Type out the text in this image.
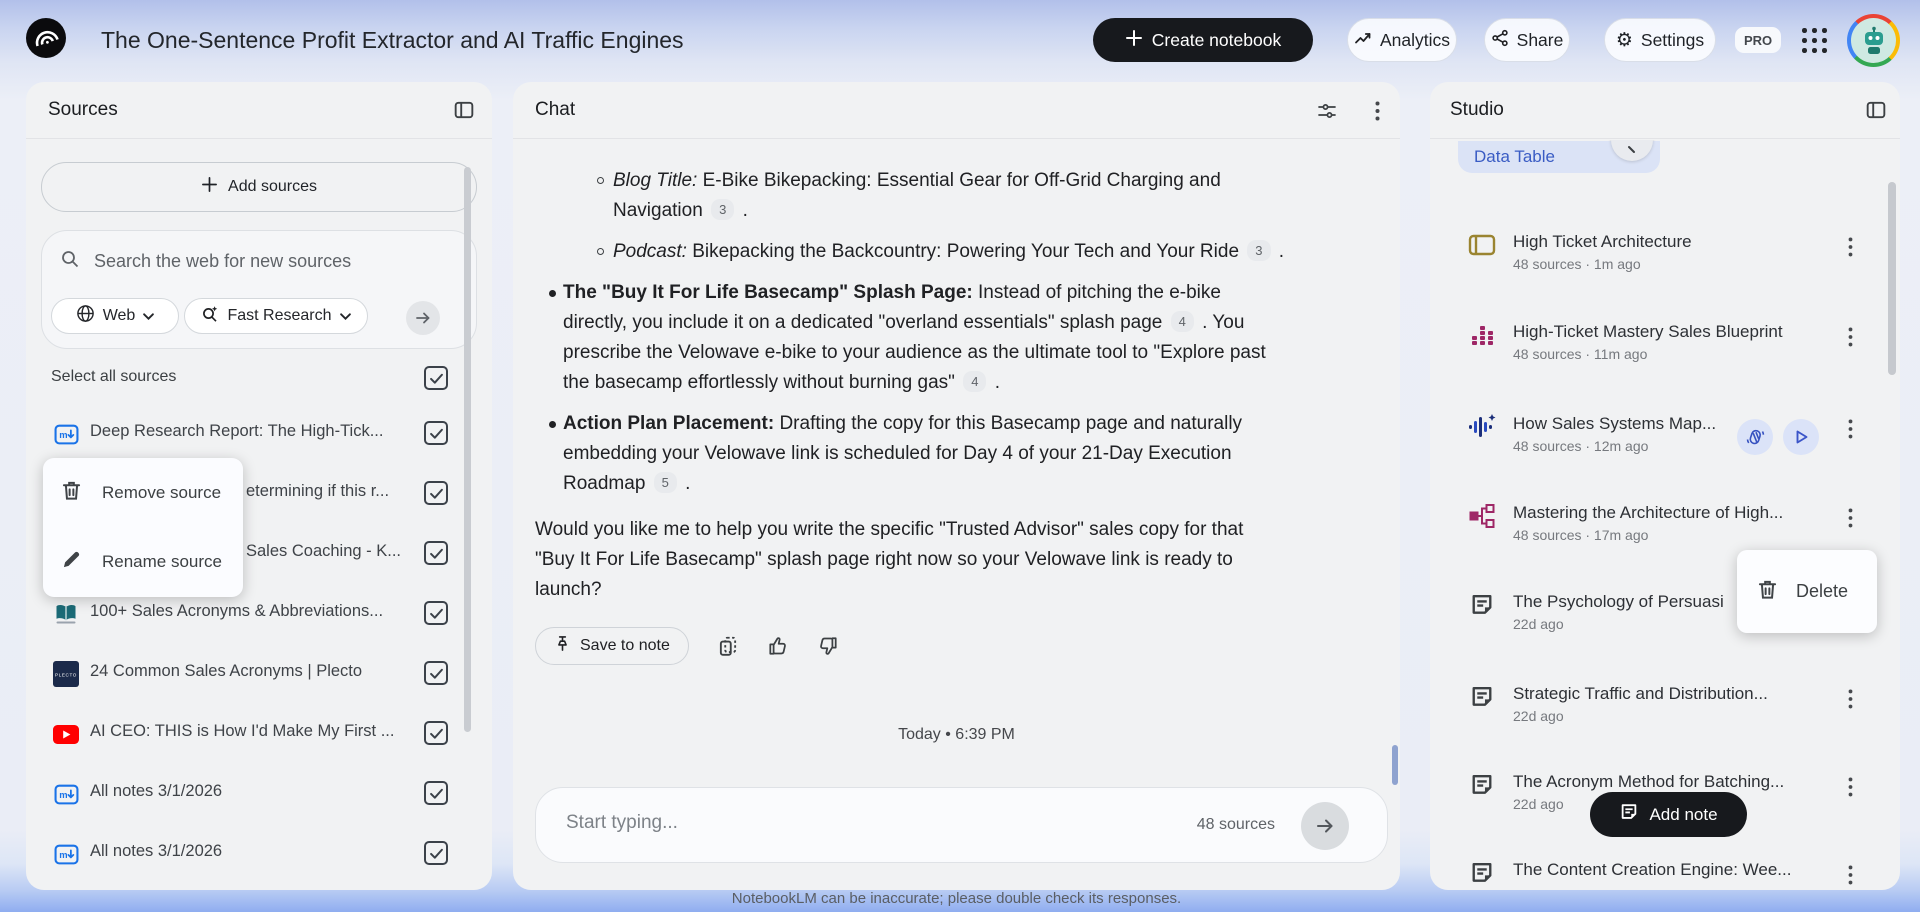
The One-Sentence Profit Extractor and AI Traffic Engines	Create notebook	Analytics	Share	⚙ Settings	PRO
Sources
Add sources
Search the web for new sources
Web	Fast Research
Select all sources
m Deep Research Report: The High-Tick...
etermining if this r...
Sales Coaching - K...
100+ Sales Acronyms & Abbreviations...
PLECTO 24 Common Sales Acronyms | Plecto
AI CEO: THIS is How I'd Make My First ...
m All notes 3/1/2026
m All notes 3/1/2026
Remove source
Rename source
Chat
Blog Title: E-Bike Bikepacking: Essential Gear for Off-Grid Charging and
Navigation 3 .
Podcast: Bikepacking the Backcountry: Powering Your Tech and Your Ride 3 .
The "Buy It For Life Basecamp" Splash Page: Instead of pitching the e-bike
directly, you include it on a dedicated "overland essentials" splash page 4 . You
prescribe the Velowave e-bike to your audience as the ultimate tool to "Explore past
the basecamp effortlessly without burning gas" 4 .
Action Plan Placement: Drafting the copy for this Basecamp page and naturally
embedding your Velowave link is scheduled for Day 4 of your 21-Day Execution
Roadmap 5 .
Would you like me to help you write the specific "Trusted Advisor" sales copy for that
"Buy It For Life Basecamp" splash page right now so your Velowave link is ready to
launch?
Save to note
Today • 6:39 PM
Start typing...
48 sources
Studio
Data Table
High Ticket Architecture
48 sources · 1m ago
High-Ticket Mastery Sales Blueprint
48 sources · 11m ago
How Sales Systems Map...
48 sources · 12m ago
Mastering the Architecture of High...
48 sources · 17m ago
The Psychology of Persuasi
22d ago
Strategic Traffic and Distribution...
22d ago
The Acronym Method for Batching...
22d ago
The Content Creation Engine: Wee...
Delete
Add note
NotebookLM can be inaccurate; please double check its responses.
